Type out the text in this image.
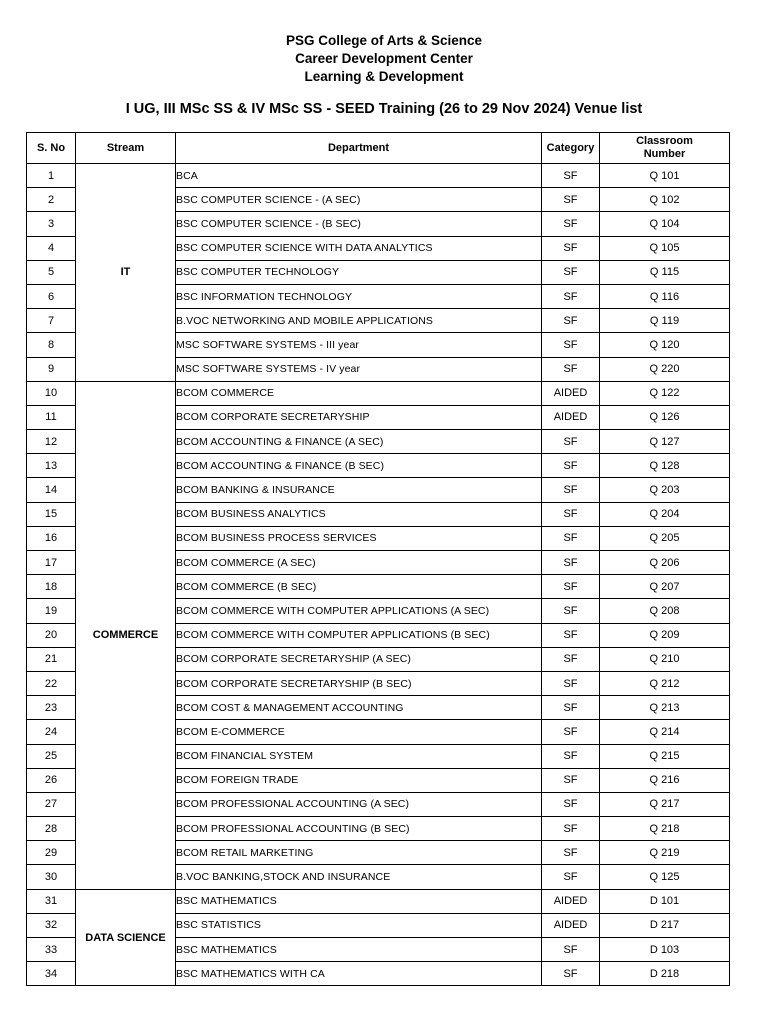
PSG College of Arts & Science
Career Development Center
Learning & Development
I UG, III MSc SS & IV MSc SS - SEED Training (26 to 29 Nov 2024) Venue list
S. No	Stream	Department	Category	Classroom Number
1	IT	BCA	SF	Q 101
2		BSC COMPUTER SCIENCE - (A SEC)	SF	Q 102
3		BSC COMPUTER SCIENCE - (B SEC)	SF	Q 104
4		BSC COMPUTER SCIENCE WITH DATA ANALYTICS	SF	Q 105
5		BSC COMPUTER TECHNOLOGY	SF	Q 115
6		BSC INFORMATION TECHNOLOGY	SF	Q 116
7		B.VOC NETWORKING AND MOBILE APPLICATIONS	SF	Q 119
8		MSC SOFTWARE SYSTEMS - III year	SF	Q 120
9		MSC SOFTWARE SYSTEMS - IV year	SF	Q 220
10	COMMERCE	BCOM COMMERCE	AIDED	Q 122
11		BCOM CORPORATE SECRETARYSHIP	AIDED	Q 126
12		BCOM ACCOUNTING & FINANCE (A SEC)	SF	Q 127
13		BCOM ACCOUNTING & FINANCE (B SEC)	SF	Q 128
14		BCOM BANKING & INSURANCE	SF	Q 203
15		BCOM BUSINESS ANALYTICS	SF	Q 204
16		BCOM BUSINESS PROCESS SERVICES	SF	Q 205
17		BCOM COMMERCE (A SEC)	SF	Q 206
18		BCOM COMMERCE (B SEC)	SF	Q 207
19		BCOM COMMERCE WITH COMPUTER APPLICATIONS (A SEC)	SF	Q 208
20		BCOM COMMERCE WITH COMPUTER APPLICATIONS (B SEC)	SF	Q 209
21		BCOM CORPORATE SECRETARYSHIP (A SEC)	SF	Q 210
22		BCOM CORPORATE SECRETARYSHIP (B SEC)	SF	Q 212
23		BCOM COST & MANAGEMENT ACCOUNTING	SF	Q 213
24		BCOM E-COMMERCE	SF	Q 214
25		BCOM FINANCIAL SYSTEM	SF	Q 215
26		BCOM FOREIGN TRADE	SF	Q 216
27		BCOM PROFESSIONAL ACCOUNTING (A SEC)	SF	Q 217
28		BCOM PROFESSIONAL ACCOUNTING (B SEC)	SF	Q 218
29		BCOM RETAIL MARKETING	SF	Q 219
30		B.VOC BANKING,STOCK AND INSURANCE	SF	Q 125
31	DATA SCIENCE	BSC MATHEMATICS	AIDED	D 101
32		BSC STATISTICS	AIDED	D 217
33		BSC MATHEMATICS	SF	D 103
34		BSC MATHEMATICS WITH CA	SF	D 218
